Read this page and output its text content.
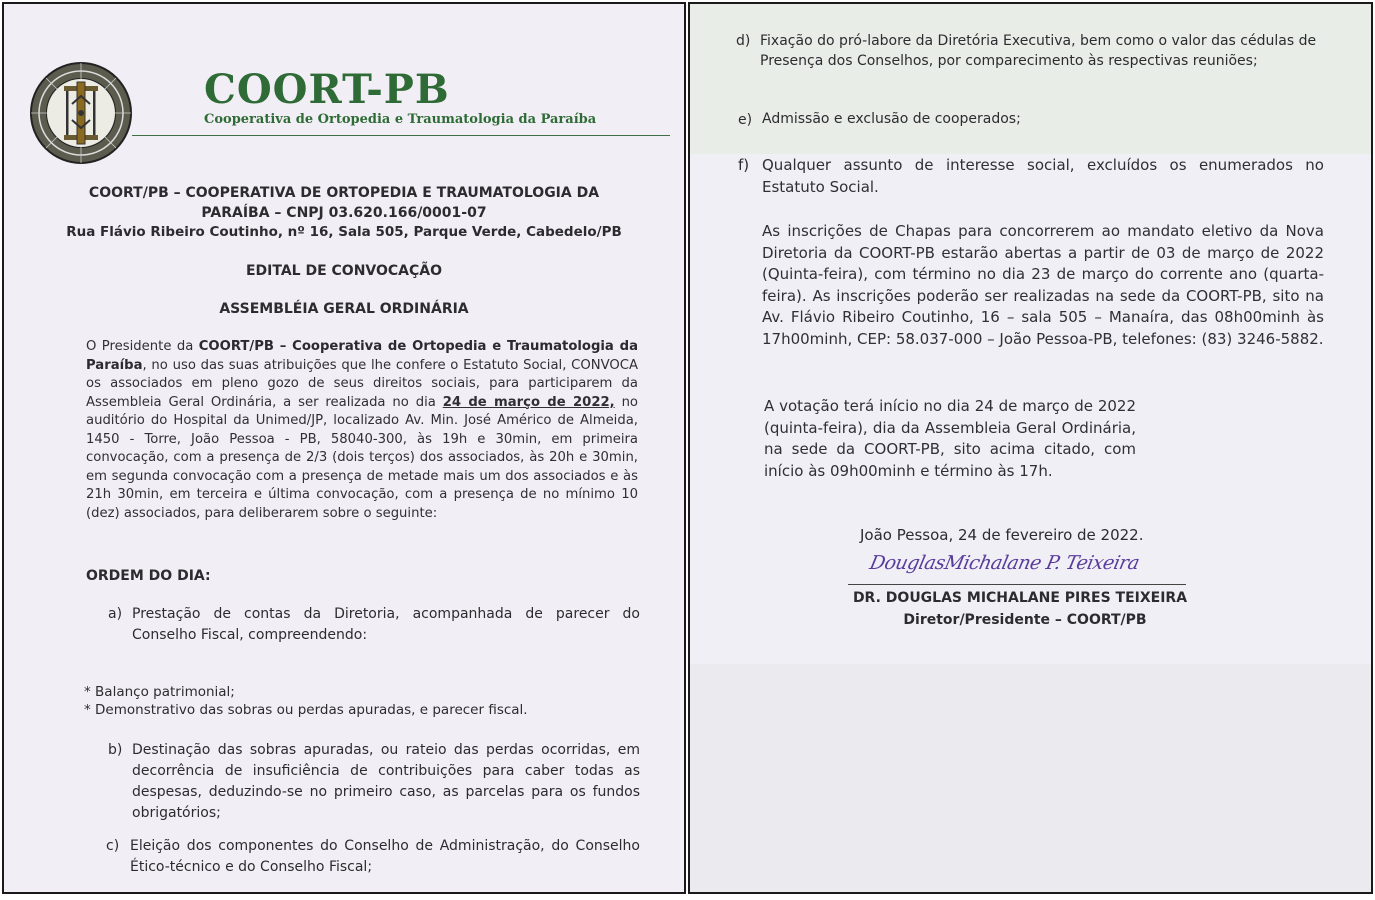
COORT-PB
Cooperativa de Ortopedia e Traumatologia da Paraíba
COORT/PB – COOPERATIVA DE ORTOPEDIA E TRAUMATOLOGIA DA
PARAÍBA – CNPJ 03.620.166/0001-07
Rua Flávio Ribeiro Coutinho, nº 16, Sala 505, Parque Verde, Cabedelo/PB
EDITAL DE CONVOCAÇÃO
ASSEMBLÉIA GERAL ORDINÁRIA
O Presidente da COORT/PB – Cooperativa de Ortopedia e Traumatologia da Paraíba, no uso das suas atribuições que lhe confere o Estatuto Social, CONVOCA os associados em pleno gozo de seus direitos sociais, para participarem da Assembleia Geral Ordinária, a ser realizada no dia 24 de março de 2022, no auditório do Hospital da Unimed/JP, localizado Av. Min. José Américo de Almeida, 1450 - Torre, João Pessoa - PB, 58040-300, às 19h e 30min, em primeira convocação, com a presença de 2/3 (dois terços) dos associados, às 20h e 30min, em segunda convocação com a presença de metade mais um dos associados e às 21h 30min, em terceira e última convocação, com a presença de no mínimo 10 (dez) associados, para deliberarem sobre o seguinte:
ORDEM DO DIA:
a) Prestação de contas da Diretoria, acompanhada de parecer do Conselho Fiscal, compreendendo:
* Balanço patrimonial;
* Demonstrativo das sobras ou perdas apuradas, e parecer fiscal.
b) Destinação das sobras apuradas, ou rateio das perdas ocorridas, em decorrência de insuficiência de contribuições para caber todas as despesas, deduzindo-se no primeiro caso, as parcelas para os fundos obrigatórios;
c) Eleição dos componentes do Conselho de Administração, do Conselho Ético-técnico e do Conselho Fiscal;
d) Fixação do pró-labore da Diretória Executiva, bem como o valor das cédulas de Presença dos Conselhos, por comparecimento às respectivas reuniões;
e) Admissão e exclusão de cooperados;
f) Qualquer assunto de interesse social, excluídos os enumerados no Estatuto Social.
As inscrições de Chapas para concorrerem ao mandato eletivo da Nova Diretoria da COORT-PB estarão abertas a partir de 03 de março de 2022 (Quinta-feira), com término no dia 23 de março do corrente ano (quarta-feira). As inscrições poderão ser realizadas na sede da COORT-PB, sito na Av. Flávio Ribeiro Coutinho, 16 – sala 505 – Manaíra, das 08h00minh às 17h00minh, CEP: 58.037-000 – João Pessoa-PB, telefones: (83) 3246-5882.
A votação terá início no dia 24 de março de 2022 (quinta-feira), dia da Assembleia Geral Ordinária, na sede da COORT-PB, sito acima citado, com início às 09h00minh e término às 17h.
João Pessoa, 24 de fevereiro de 2022.
DouglasMichalane P. Teixeira
DR. DOUGLAS MICHALANE PIRES TEIXEIRA
Diretor/Presidente – COORT/PB
